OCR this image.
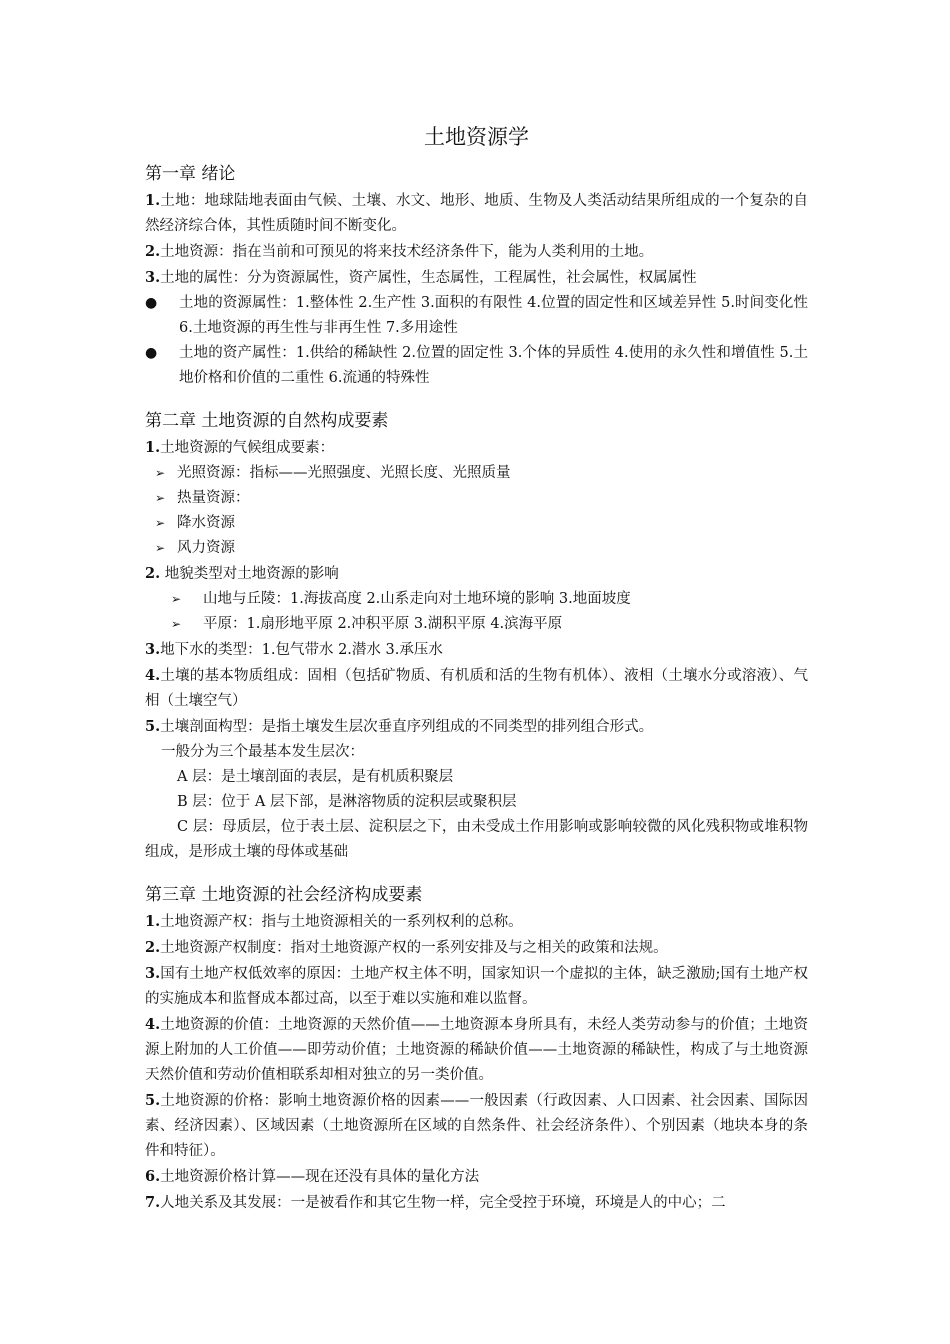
土地资源学
第一章 绪论

1.土地：地球陆地表面由气候、土壤、水文、地形、地质、生物及人类活动结果所组成的一个复杂的自然经济综合体，其性质随时间不断变化。

2.土地资源：指在当前和可预见的将来技术经济条件下，能为人类利用的土地。

3.土地的属性：分为资源属性，资产属性，生态属性，工程属性，社会属性，权属属性

● 土地的资源属性：1.整体性 2.生产性 3.面积的有限性 4.位置的固定性和区域差异性 5.时间变化性 6.土地资源的再生性与非再生性 7.多用途性
● 土地的资产属性：1.供给的稀缺性 2.位置的固定性 3.个体的异质性 4.使用的永久性和增值性 5.土地价格和价值的二重性 6.流通的特殊性
第二章 土地资源的自然构成要素

1.土地资源的气候组成要素：

➢ 光照资源：指标——光照强度、光照长度、光照质量
➢ 热量资源：
➢ 降水资源
➢ 风力资源

2. 地貌类型对土地资源的影响

➢ 山地与丘陵：1.海拔高度 2.山系走向对土地环境的影响 3.地面坡度
➢ 平原：1.扇形地平原 2.冲积平原 3.湖积平原 4.滨海平原

3.地下水的类型：1.包气带水 2.潜水 3.承压水

4.土壤的基本物质组成：固相（包括矿物质、有机质和活的生物有机体）、液相（土壤水分或溶液）、气相（土壤空气）

5.土壤剖面构型：是指土壤发生层次垂直序列组成的不同类型的排列组合形式。

一般分为三个最基本发生层次：

A 层：是土壤剖面的表层，是有机质积聚层

B 层：位于 A 层下部，是淋溶物质的淀积层或聚积层

C 层：母质层，位于表土层、淀积层之下，由未受成土作用影响或影响较微的风化残积物或堆积物组成，是形成土壤的母体或基础

第三章 土地资源的社会经济构成要素

1.土地资源产权：指与土地资源相关的一系列权利的总称。

2.土地资源产权制度：指对土地资源产权的一系列安排及与之相关的政策和法规。

3.国有土地产权低效率的原因：土地产权主体不明，国家知识一个虚拟的主体，缺乏激励;国有土地产权的实施成本和监督成本都过高，以至于难以实施和难以监督。

4.土地资源的价值：土地资源的天然价值——土地资源本身所具有，未经人类劳动参与的价值；土地资源上附加的人工价值——即劳动价值；土地资源的稀缺价值——土地资源的稀缺性，构成了与土地资源天然价值和劳动价值相联系却相对独立的另一类价值。

5.土地资源的价格：影响土地资源价格的因素——一般因素（行政因素、人口因素、社会因素、国际因素、经济因素）、区域因素（土地资源所在区域的自然条件、社会经济条件）、个别因素（地块本身的条件和特征）。

6.土地资源价格计算——现在还没有具体的量化方法

7.人地关系及其发展：一是被看作和其它生物一样，完全受控于环境，环境是人的中心；二
